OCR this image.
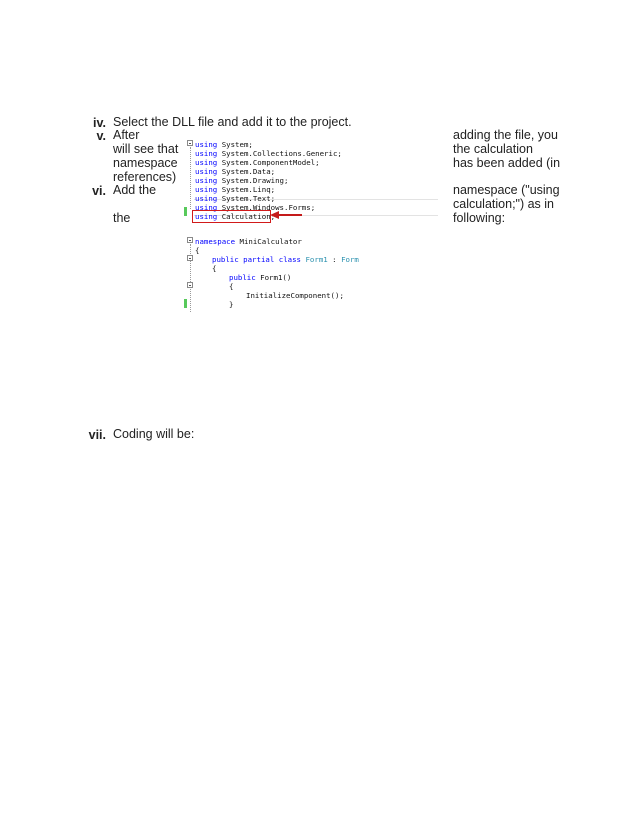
iv. Select the DLL file and add it to the project.
v. After
will see that
namespace
references)
adding the file, you
the calculation
has been added (in
vi. Add the
the
namespace ("using
calculation;") as in
following:
using System;
using System.Collections.Generic;
using System.ComponentModel;
using System.Data;
using System.Drawing;
using System.Linq;
using System.Text;
using System.Windows.Forms;
using Calculation;
namespace MiniCalculator
{
public partial class Form1 : Form
{
public Form1()
{
InitializeComponent();
}
vii. Coding will be:
